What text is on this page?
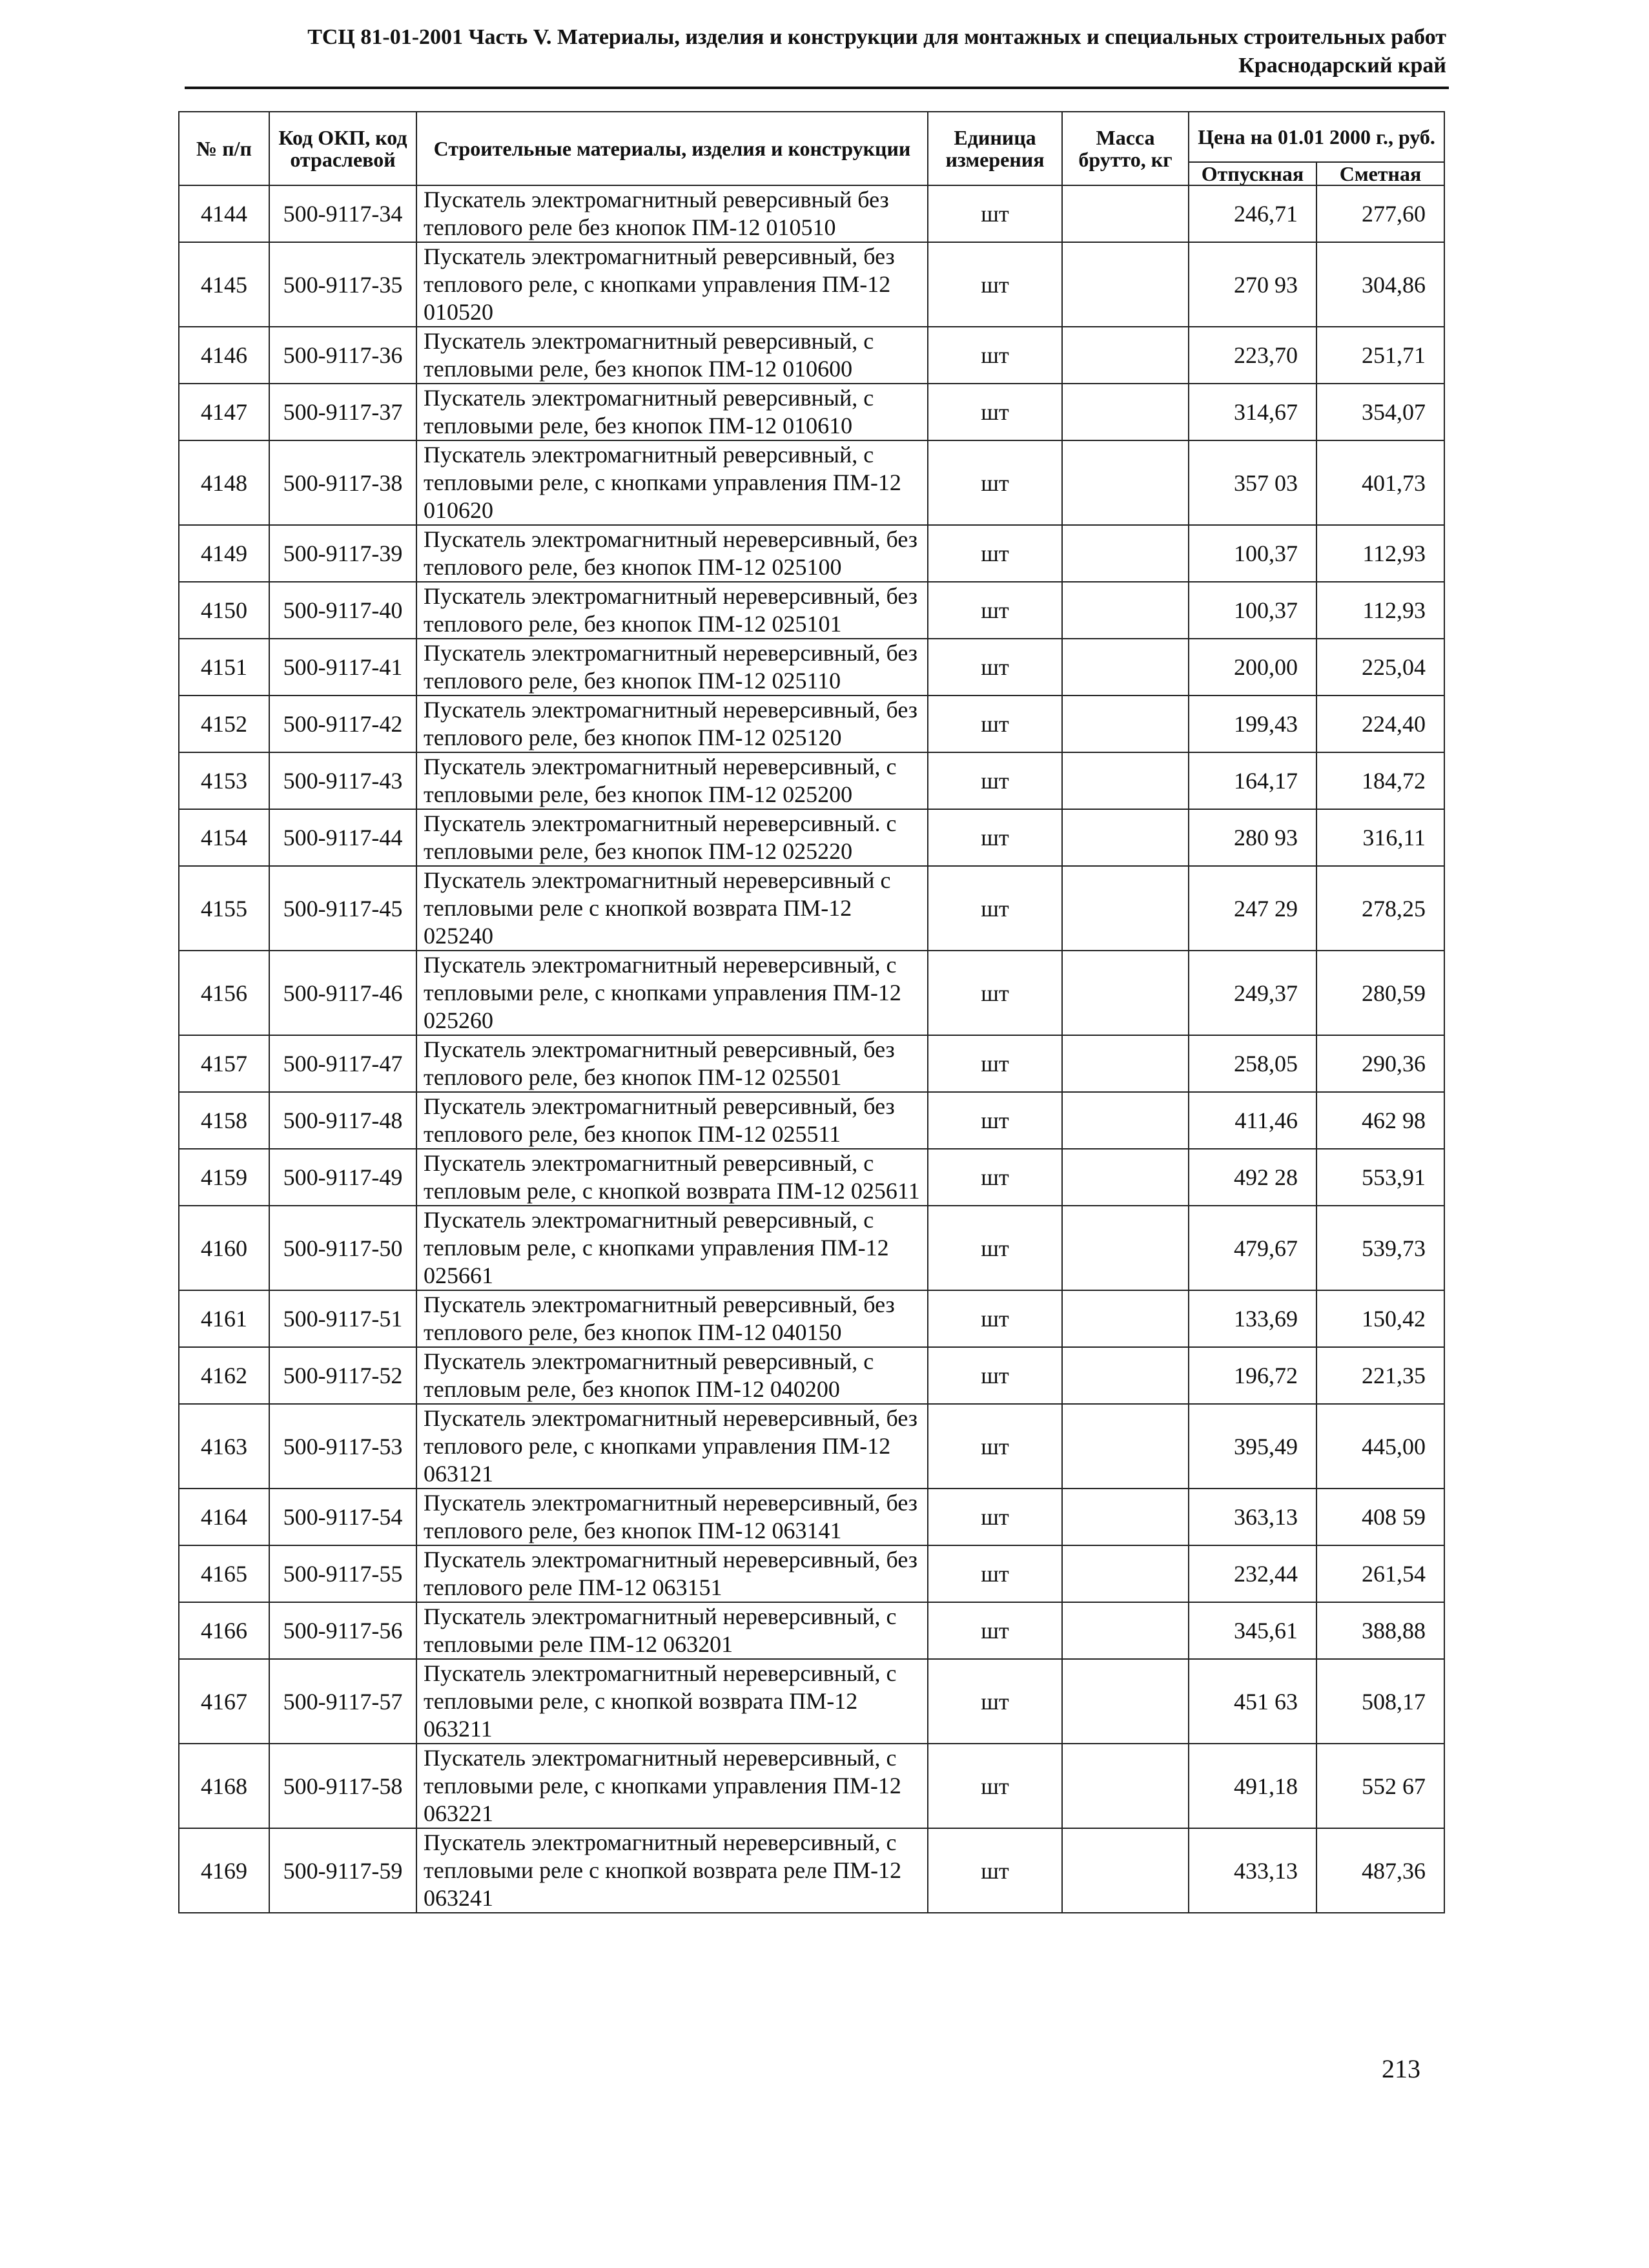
ТСЦ 81-01-2001 Часть V. Материалы, изделия и конструкции для монтажных и специальных строительных работ
Краснодарский край
№ п/п	Код ОКП, код отраслевой	Строительные материалы, изделия и конструкции	Единица измерения	Масса брутто, кг	Цена на 01.01 2000 г., руб.	
					Отпускная	Сметная
4144	500-9117-34	Пускатель электромагнитный реверсивный без теплового реле без кнопок ПМ-12 010510	шт		246,71	277,60
4145	500-9117-35	Пускатель электромагнитный реверсивный, без теплового реле, с кнопками управления ПМ-12 010520	шт		270 93	304,86
4146	500-9117-36	Пускатель электромагнитный реверсивный, с тепловыми реле, без кнопок ПМ-12 010600	шт		223,70	251,71
4147	500-9117-37	Пускатель электромагнитный реверсивный, с тепловыми реле, без кнопок ПМ-12 010610	шт		314,67	354,07
4148	500-9117-38	Пускатель электромагнитный реверсивный, с тепловыми реле, с кнопками управления ПМ-12 010620	шт		357 03	401,73
4149	500-9117-39	Пускатель электромагнитный нереверсивный, без теплового реле, без кнопок ПМ-12 025100	шт		100,37	112,93
4150	500-9117-40	Пускатель электромагнитный нереверсивный, без теплового реле, без кнопок ПМ-12 025101	шт		100,37	112,93
4151	500-9117-41	Пускатель электромагнитный нереверсивный, без теплового реле, без кнопок ПМ-12 025110	шт		200,00	225,04
4152	500-9117-42	Пускатель электромагнитный нереверсивный, без теплового реле, без кнопок ПМ-12 025120	шт		199,43	224,40
4153	500-9117-43	Пускатель электромагнитный нереверсивный, с тепловыми реле, без кнопок ПМ-12 025200	шт		164,17	184,72
4154	500-9117-44	Пускатель электромагнитный нереверсивный. с тепловыми реле, без кнопок ПМ-12 025220	шт		280 93	316,11
4155	500-9117-45	Пускатель электромагнитный нереверсивный с тепловыми реле с кнопкой возврата ПМ-12 025240	шт		247 29	278,25
4156	500-9117-46	Пускатель электромагнитный нереверсивный, с тепловыми реле, с кнопками управления ПМ-12 025260	шт		249,37	280,59
4157	500-9117-47	Пускатель электромагнитный реверсивный, без теплового реле, без кнопок ПМ-12 025501	шт		258,05	290,36
4158	500-9117-48	Пускатель электромагнитный реверсивный, без теплового реле, без кнопок ПМ-12 025511	шт		411,46	462 98
4159	500-9117-49	Пускатель электромагнитный реверсивный, с тепловым реле, с кнопкой возврата ПМ-12 025611	шт		492 28	553,91
4160	500-9117-50	Пускатель электромагнитный реверсивный, с тепловым реле, с кнопками управления ПМ-12 025661	шт		479,67	539,73
4161	500-9117-51	Пускатель электромагнитный реверсивный, без теплового реле, без кнопок ПМ-12 040150	шт		133,69	150,42
4162	500-9117-52	Пускатель электромагнитный реверсивный, с тепловым реле, без кнопок ПМ-12 040200	шт		196,72	221,35
4163	500-9117-53	Пускатель электромагнитный нереверсивный, без теплового реле, с кнопками управления ПМ-12 063121	шт		395,49	445,00
4164	500-9117-54	Пускатель электромагнитный нереверсивный, без теплового реле, без кнопок ПМ-12 063141	шт		363,13	408 59
4165	500-9117-55	Пускатель электромагнитный нереверсивный, без теплового реле ПМ-12 063151	шт		232,44	261,54
4166	500-9117-56	Пускатель электромагнитный нереверсивный, с тепловыми реле ПМ-12 063201	шт		345,61	388,88
4167	500-9117-57	Пускатель электромагнитный нереверсивный, с тепловыми реле, с кнопкой возврата ПМ-12 063211	шт		451 63	508,17
4168	500-9117-58	Пускатель электромагнитный нереверсивный, с тепловыми реле, с кнопками управления ПМ-12 063221	шт		491,18	552 67
4169	500-9117-59	Пускатель электромагнитный нереверсивный, с тепловыми реле с кнопкой возврата реле ПМ-12 063241	шт		433,13	487,36
213
